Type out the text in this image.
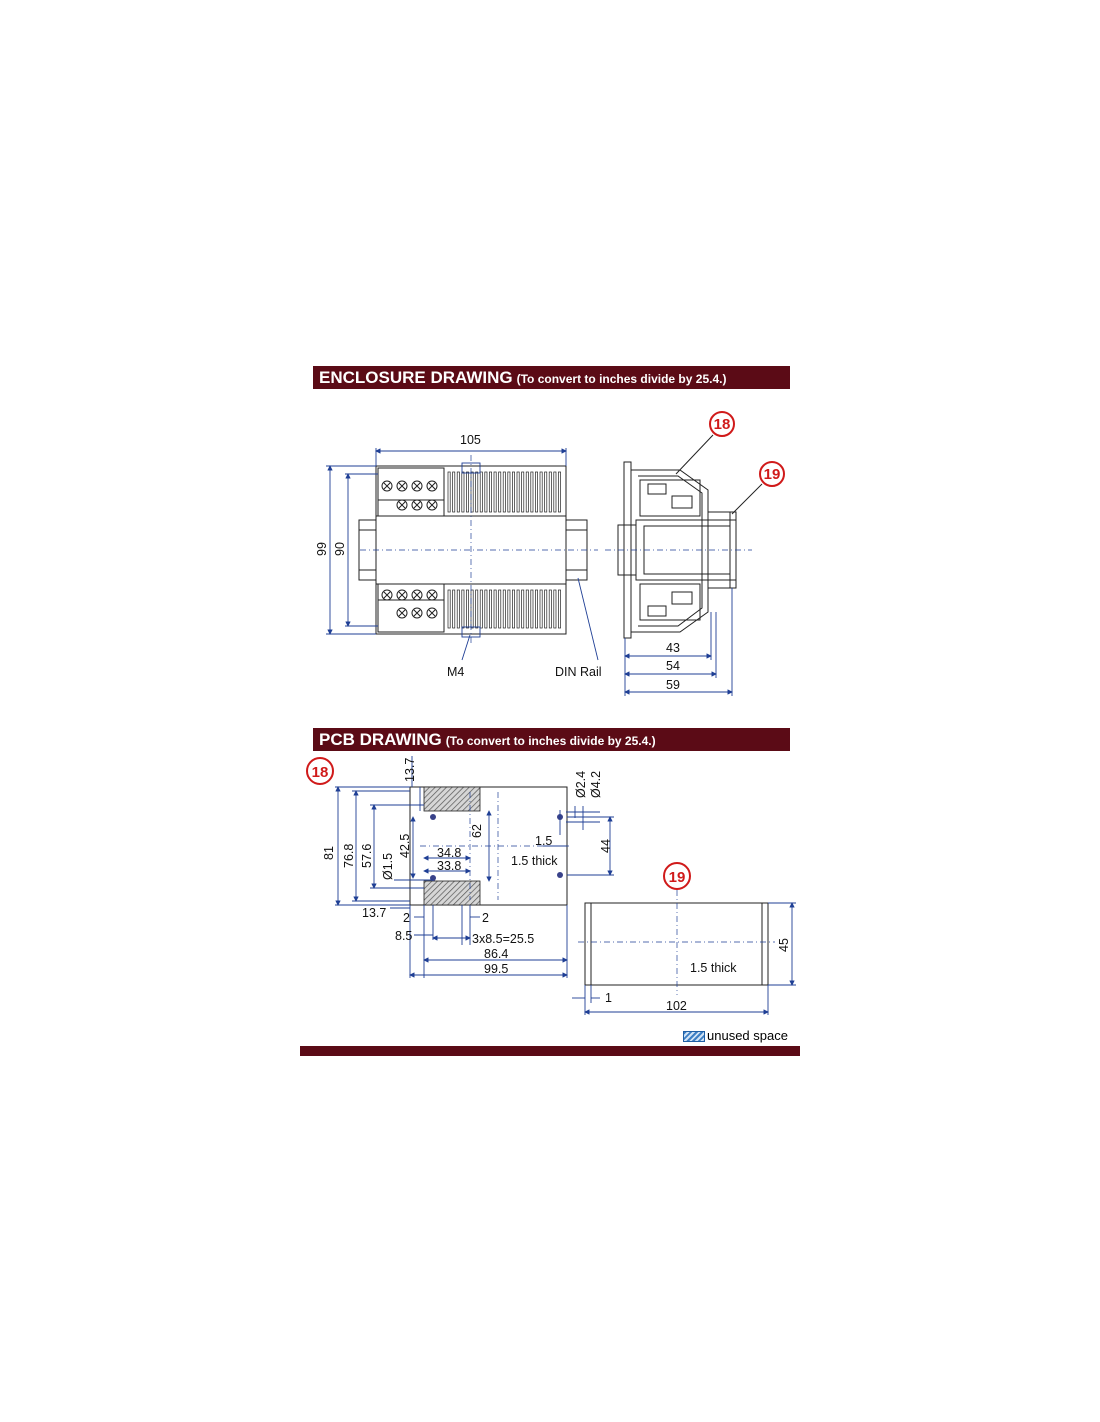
ENCLOSURE DRAWING (To convert to inches divide by 25.4.)
PCB DRAWING (To convert to inches divide by 25.4.)
105
99 90
M4	DIN Rail
43
54
59
18
19
18
81 76.8 57.6 Ø1.5
42.5
13.7
62
34.8
33.8
Ø2.4 Ø4.2
1.5
1.5 thick
44
13.7 2	2
8.5	3x8.5=25.5
86.4
99.5
19
1.5 thick
45
1
102
unused space
